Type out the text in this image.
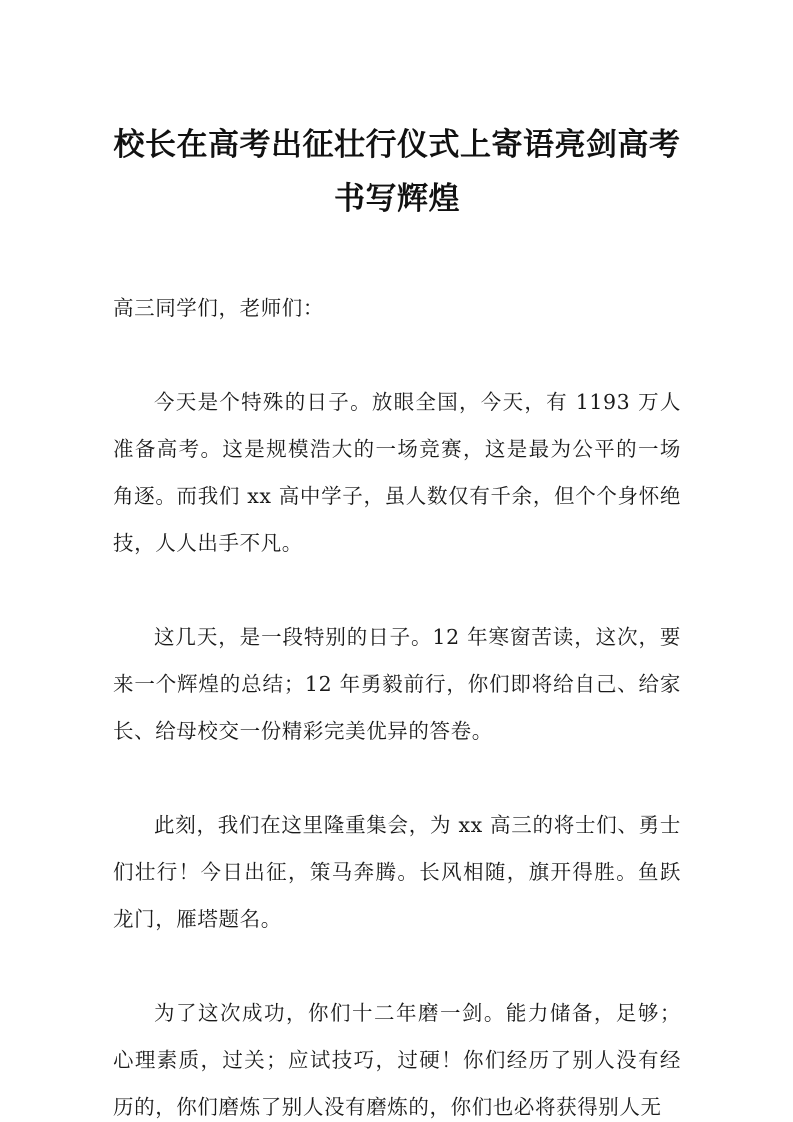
校长在高考出征壮行仪式上寄语亮剑高考
书写辉煌

高三同学们，老师们：

今天是个特殊的日子。放眼全国，今天，有 1193 万人准备高考。这是规模浩大的一场竞赛，这是最为公平的一场角逐。而我们 xx 高中学子，虽人数仅有千余，但个个身怀绝技，人人出手不凡。

这几天，是一段特别的日子。12 年寒窗苦读，这次，要来一个辉煌的总结；12 年勇毅前行，你们即将给自己、给家长、给母校交一份精彩完美优异的答卷。

此刻，我们在这里隆重集会，为 xx 高三的将士们、勇士们壮行！今日出征，策马奔腾。长风相随，旗开得胜。鱼跃龙门，雁塔题名。

为了这次成功，你们十二年磨一剑。能力储备，足够；心理素质，过关；应试技巧，过硬！你们经历了别人没有经历的，你们磨炼了别人没有磨炼的，你们也必将获得别人无
